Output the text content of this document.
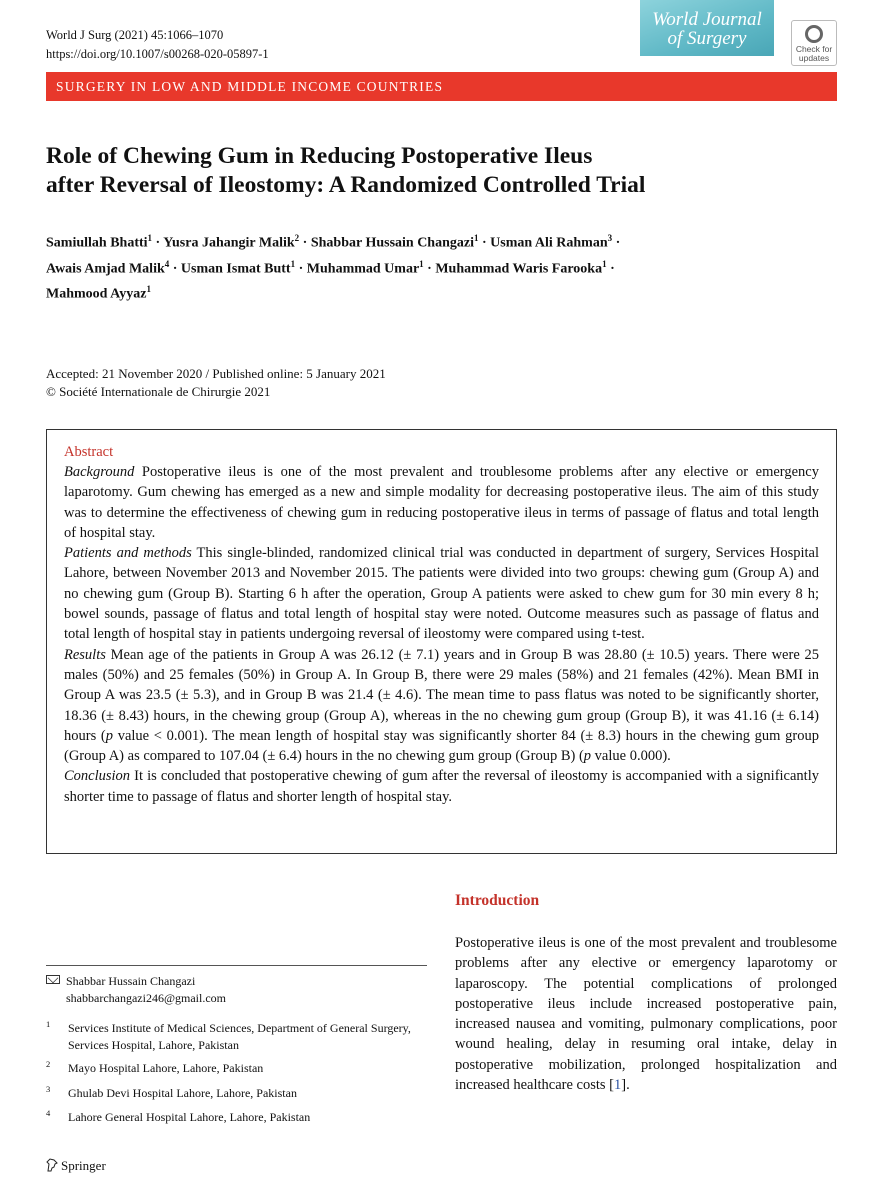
World J Surg (2021) 45:1066–1070
https://doi.org/10.1007/s00268-020-05897-1
World Journal
of Surgery	Check for
updates
SURGERY IN LOW AND MIDDLE INCOME COUNTRIES
Role of Chewing Gum in Reducing Postoperative Ileus
after Reversal of Ileostomy: A Randomized Controlled Trial
Samiullah Bhatti$^1$ · Yusra Jahangir Malik$^2$ · Shabbar Hussain Changazi$^1$ · Usman Ali Rahman$^3$ ·
Awais Amjad Malik$^4$ · Usman Ismat Butt$^1$ · Muhammad Umar$^1$ · Muhammad Waris Farooka$^1$ ·
Mahmood Ayyaz$^1$
Accepted: 21 November 2020 / Published online: 5 January 2021
© Société Internationale de Chirurgie 2021
Abstract

Background Postoperative ileus is one of the most prevalent and troublesome problems after any elective or emergency laparotomy. Gum chewing has emerged as a new and simple modality for decreasing postoperative ileus. The aim of this study was to determine the effectiveness of chewing gum in reducing postoperative ileus in terms of passage of flatus and total length of hospital stay.

Patients and methods This single-blinded, randomized clinical trial was conducted in department of surgery, Services Hospital Lahore, between November 2013 and November 2015. The patients were divided into two groups: chewing gum (Group A) and no chewing gum (Group B). Starting 6 h after the operation, Group A patients were asked to chew gum for 30 min every 8 h; bowel sounds, passage of flatus and total length of hospital stay were noted. Outcome measures such as passage of flatus and total length of hospital stay in patients undergoing reversal of ileostomy were compared using t-test.

Results Mean age of the patients in Group A was 26.12 (± 7.1) years and in Group B was 28.80 (± 10.5) years. There were 25 males (50%) and 25 females (50%) in Group A. In Group B, there were 29 males (58%) and 21 females (42%). Mean BMI in Group A was 23.5 (± 5.3), and in Group B was 21.4 (± 4.6). The mean time to pass flatus was noted to be significantly shorter, 18.36 (± 8.43) hours, in the chewing group (Group A), whereas in the no chewing gum group (Group B), it was 41.16 (± 6.14) hours (p value < 0.001). The mean length of hospital stay was significantly shorter 84 (± 8.3) hours in the chewing gum group (Group A) as compared to 107.04 (± 6.4) hours in the no chewing gum group (Group B) (p value 0.000).

Conclusion It is concluded that postoperative chewing of gum after the reversal of ileostomy is accompanied with a significantly shorter time to passage of flatus and shorter length of hospital stay.

Introduction

Postoperative ileus is one of the most prevalent and troublesome problems after any elective or emergency laparotomy or laparoscopy. The potential complications of prolonged postoperative ileus include increased postoperative pain, increased nausea and vomiting, pulmonary complications, poor wound healing, delay in resuming oral intake, delay in postoperative mobilization, prolonged hospitalization and increased healthcare costs [1].

Shabbar Hussain Changazi
shabbarchangazi246@gmail.com
1 Services Institute of Medical Sciences, Department of General Surgery, Services Hospital, Lahore, Pakistan
2 Mayo Hospital Lahore, Lahore, Pakistan
3 Ghulab Devi Hospital Lahore, Lahore, Pakistan
4 Lahore General Hospital Lahore, Lahore, Pakistan
Springer
